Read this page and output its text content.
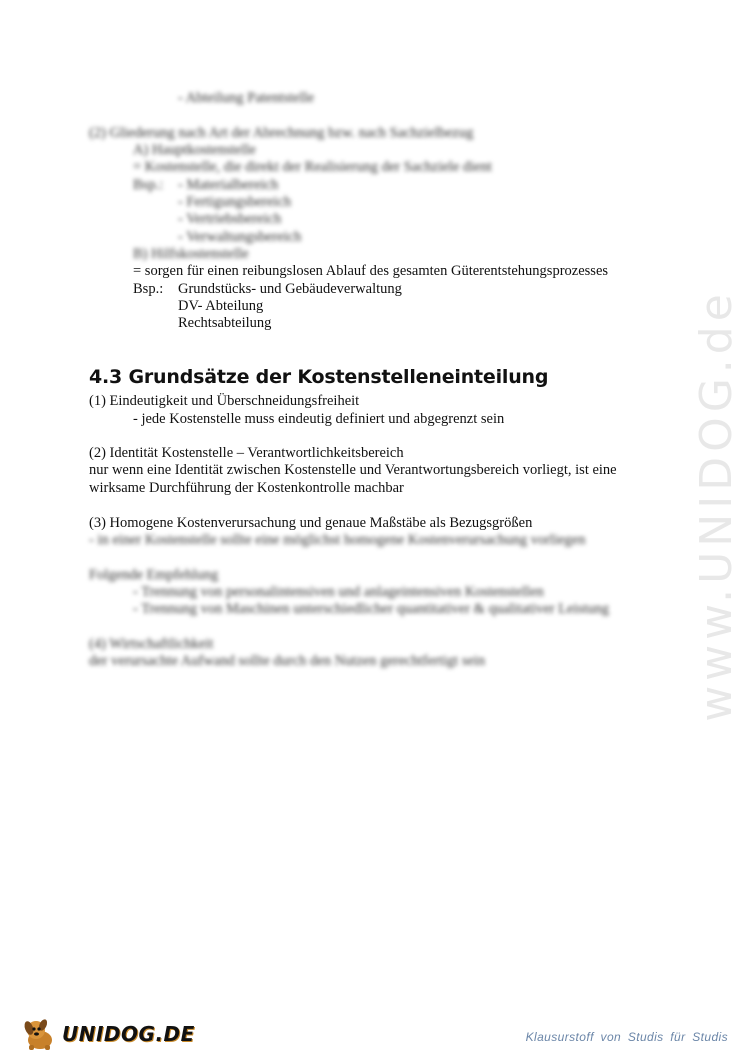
- Abteilung Patentstelle
(2) Gliederung nach Art der Abrechnung bzw. nach Sachzielbezug
A) Hauptkostenstelle
= Kostenstelle, die direkt der Realisierung der Sachziele dient
Bsp.: - Materialbereich
- Fertigungsbereich
- Vertriebsbereich
- Verwaltungsbereich
B) Hilfskostenstelle
= sorgen für einen reibungslosen Ablauf des gesamten Güterentstehungsprozesses
Bsp.: Grundstücks- und Gebäudeverwaltung
DV- Abteilung
Rechtsabteilung
4.3 Grundsätze der Kostenstelleneinteilung
(1) Eindeutigkeit und Überschneidungsfreiheit
- jede Kostenstelle muss eindeutig definiert und abgegrenzt sein
(2) Identität Kostenstelle – Verantwortlichkeitsbereich
nur wenn eine Identität zwischen Kostenstelle und Verantwortungsbereich vorliegt, ist eine
wirksame Durchführung der Kostenkontrolle machbar
(3) Homogene Kostenverursachung und genaue Maßstäbe als Bezugsgrößen
- in einer Kostenstelle sollte eine möglichst homogene Kostenverursachung vorliegen
Folgende Empfehlung
- Trennung von personalintensiven und anlageintensiven Kostenstellen
- Trennung von Maschinen unterschiedlicher quantitativer & qualitativer Leistung
(4) Wirtschaftlichkeit
der verursachte Aufwand sollte durch den Nutzen gerechtfertigt sein	www.UNIDOG.de
UNIDOG.DE	Klausurstoff von Studis für Studis
